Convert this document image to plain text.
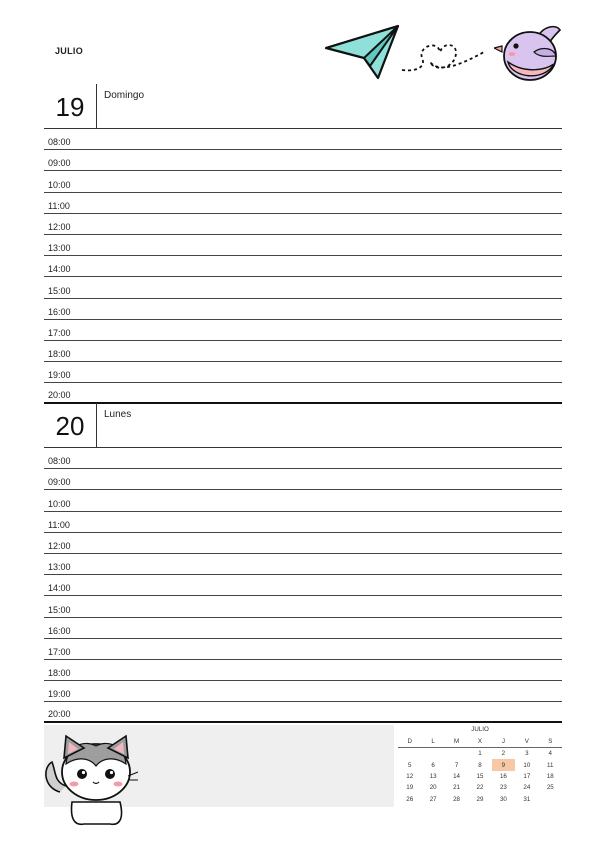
JULIO
19	Domingo
08:00
09:00
10:00
11:00
12:00
13:00
14:00
15:00
16:00
17:00
18:00
19:00
20:00
20	Lunes
08:00
09:00
10:00
11:00
12:00
13:00
14:00
15:00
16:00
17:00
18:00
19:00
20:00
JULIO
D	L	M	X	J	V	S
			1	2	3	4
5	6	7	8	9	10	11
12	13	14	15	16	17	18
19	20	21	22	23	24	25
26	27	28	29	30	31	
